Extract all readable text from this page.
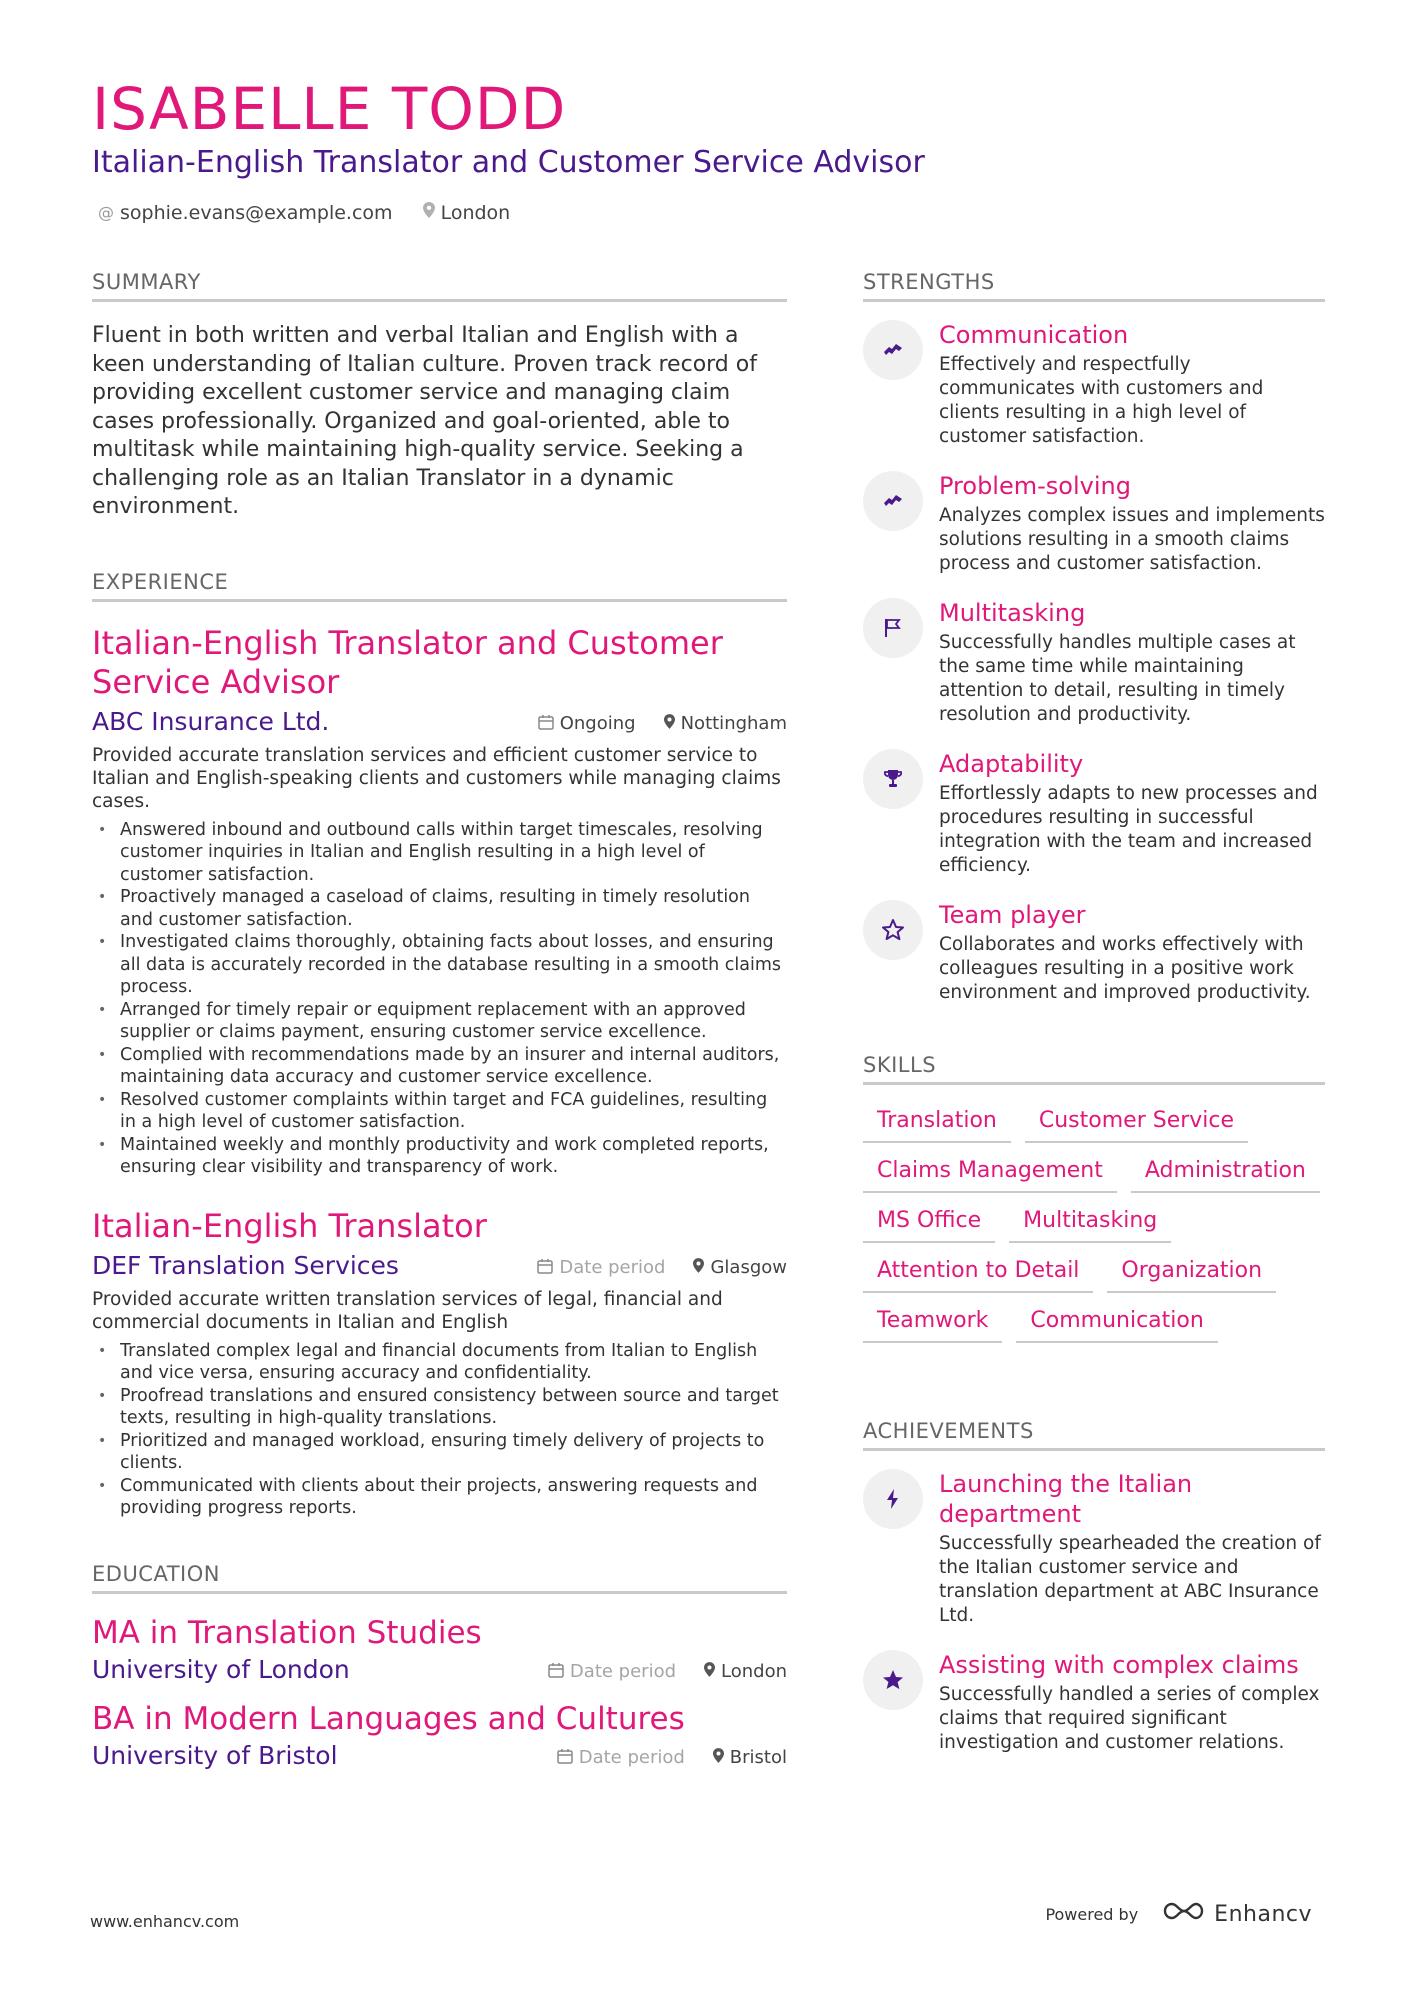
ISABELLE TODD
Italian-English Translator and Customer Service Advisor
@ sophie.evans@example.com	London
SUMMARY
Fluent in both written and verbal Italian and English with a keen understanding of Italian culture. Proven track record of providing excellent customer service and managing claim cases professionally. Organized and goal-oriented, able to multitask while maintaining high-quality service. Seeking a challenging role as an Italian Translator in a dynamic environment.
EXPERIENCE
Italian-English Translator and Customer Service Advisor
ABC Insurance Ltd.	Ongoing	Nottingham
Provided accurate translation services and efficient customer service to Italian and English-speaking clients and customers while managing claims cases.
• Answered inbound and outbound calls within target timescales, resolving customer inquiries in Italian and English resulting in a high level of customer satisfaction.
• Proactively managed a caseload of claims, resulting in timely resolution and customer satisfaction.
• Investigated claims thoroughly, obtaining facts about losses, and ensuring all data is accurately recorded in the database resulting in a smooth claims process.
• Arranged for timely repair or equipment replacement with an approved supplier or claims payment, ensuring customer service excellence.
• Complied with recommendations made by an insurer and internal auditors, maintaining data accuracy and customer service excellence.
• Resolved customer complaints within target and FCA guidelines, resulting in a high level of customer satisfaction.
• Maintained weekly and monthly productivity and work completed reports, ensuring clear visibility and transparency of work.
Italian-English Translator
DEF Translation Services	Date period	Glasgow
Provided accurate written translation services of legal, financial and commercial documents in Italian and English
• Translated complex legal and financial documents from Italian to English and vice versa, ensuring accuracy and confidentiality.
• Proofread translations and ensured consistency between source and target texts, resulting in high-quality translations.
• Prioritized and managed workload, ensuring timely delivery of projects to clients.
• Communicated with clients about their projects, answering requests and providing progress reports.
EDUCATION
MA in Translation Studies
University of London	Date period	London
BA in Modern Languages and Cultures
University of Bristol	Date period	Bristol
STRENGTHS
Communication
Effectively and respectfully communicates with customers and clients resulting in a high level of customer satisfaction.
Problem-solving
Analyzes complex issues and implements solutions resulting in a smooth claims process and customer satisfaction.
Multitasking
Successfully handles multiple cases at the same time while maintaining attention to detail, resulting in timely resolution and productivity.
Adaptability
Effortlessly adapts to new processes and procedures resulting in successful integration with the team and increased efficiency.
Team player
Collaborates and works effectively with colleagues resulting in a positive work environment and improved productivity.
SKILLS
Translation	Customer Service
Claims Management	Administration
MS Office	Multitasking
Attention to Detail	Organization
Teamwork	Communication
ACHIEVEMENTS
Launching the Italian department
Successfully spearheaded the creation of the Italian customer service and translation department at ABC Insurance Ltd.
Assisting with complex claims
Successfully handled a series of complex claims that required significant investigation and customer relations.
www.enhancv.com	Powered by	Enhancv
